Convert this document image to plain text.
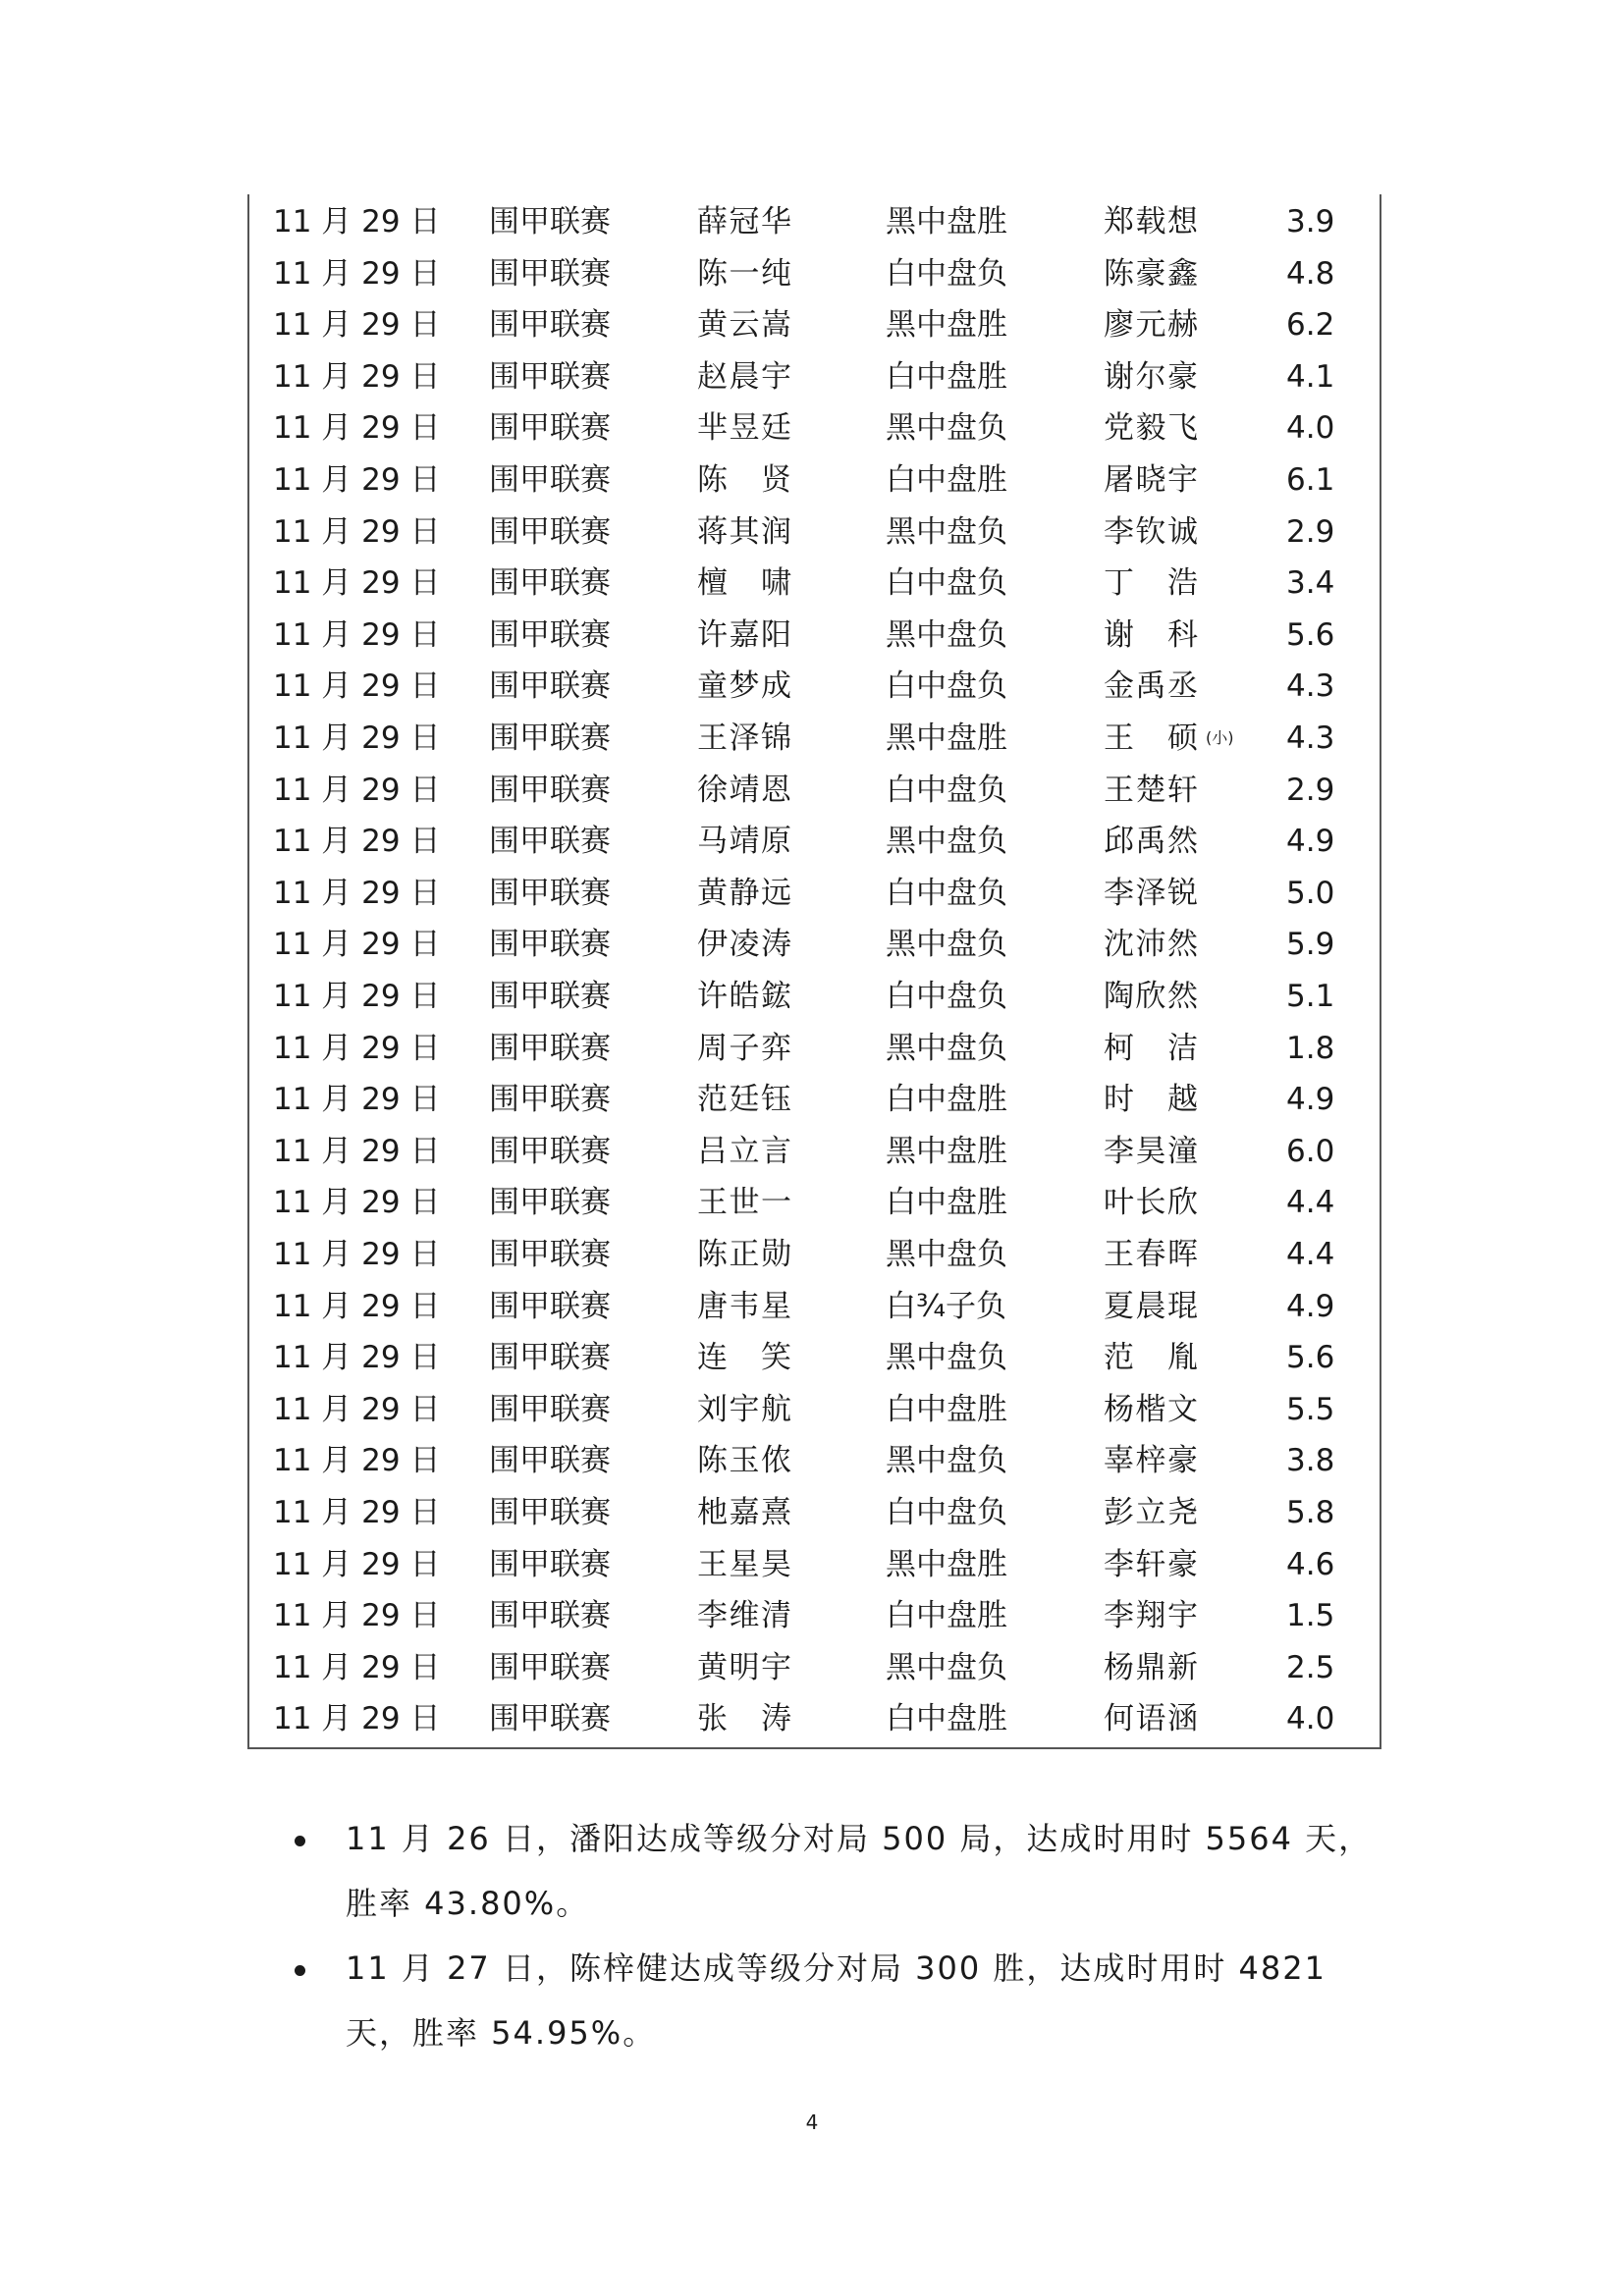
11 月 29 日 围甲联赛	薛冠华	黑中盘胜	郑载想	3.9
11 月 29 日 围甲联赛	陈一纯	白中盘负	陈豪鑫	4.8
11 月 29 日 围甲联赛	黄云嵩	黑中盘胜	廖元赫	6.2
11 月 29 日 围甲联赛	赵晨宇	白中盘胜	谢尔豪	4.1
11 月 29 日 围甲联赛	芈昱廷	黑中盘负	党毅飞	4.0
11 月 29 日 围甲联赛	陈贤	白中盘胜	屠晓宇	6.1
11 月 29 日 围甲联赛	蒋其润	黑中盘负	李钦诚	2.9
11 月 29 日 围甲联赛	檀啸	白中盘负	丁浩	3.4
11 月 29 日 围甲联赛	许嘉阳	黑中盘负	谢科	5.6
11 月 29 日 围甲联赛	童梦成	白中盘负	金禹丞	4.3
11 月 29 日 围甲联赛	王泽锦	黑中盘胜	王硕	4.3
(小)
11 月 29 日 围甲联赛	徐靖恩	白中盘负	王楚轩	2.9
11 月 29 日 围甲联赛	马靖原	黑中盘负	邱禹然	4.9
11 月 29 日 围甲联赛	黄静远	白中盘负	李泽锐	5.0
11 月 29 日 围甲联赛	伊凌涛	黑中盘负	沈沛然	5.9
11 月 29 日 围甲联赛	许皓鋐	白中盘负	陶欣然	5.1
11 月 29 日 围甲联赛	周子弈	黑中盘负	柯洁	1.8
11 月 29 日 围甲联赛	范廷钰	白中盘胜	时越	4.9
11 月 29 日 围甲联赛	吕立言	黑中盘胜	李昊潼	6.0
11 月 29 日 围甲联赛	王世一	白中盘胜	叶长欣	4.4
11 月 29 日 围甲联赛	陈正勋	黑中盘负	王春晖	4.4
11 月 29 日 围甲联赛	唐韦星	白¾子负	夏晨琨	4.9
11 月 29 日 围甲联赛	连笑	黑中盘负	范胤	5.6
11 月 29 日 围甲联赛	刘宇航	白中盘胜	杨楷文	5.5
11 月 29 日 围甲联赛	陈玉侬	黑中盘负	辜梓豪	3.8
11 月 29 日 围甲联赛	杝嘉熹	白中盘负	彭立尧	5.8
11 月 29 日 围甲联赛	王星昊	黑中盘胜	李轩豪	4.6
11 月 29 日 围甲联赛	李维清	白中盘胜	李翔宇	1.5
11 月 29 日 围甲联赛	黄明宇	黑中盘负	杨鼎新	2.5
11 月 29 日 围甲联赛	张涛	白中盘胜	何语涵	4.0
11 月 26 日，潘阳达成等级分对局 500 局，达成时用时 5564 天，胜率 43.80%。
11 月 27 日，陈梓健达成等级分对局 300 胜，达成时用时 4821 天，胜率 54.95%。
4
